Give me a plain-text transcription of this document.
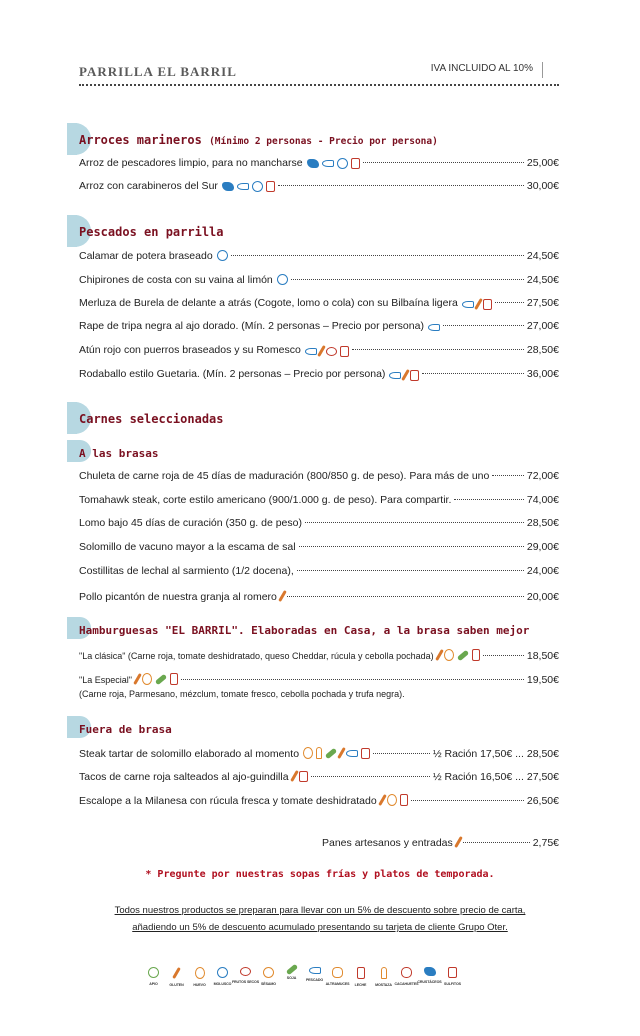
PARRILLA EL BARRIL	IVA INCLUIDO AL 10%
Arroces marineros (Mínimo 2 personas - Precio por persona)
Arroz de pescadores limpio, para no mancharse	25,00€
Arroz con carabineros del Sur	30,00€
Pescados en parrilla
Calamar de potera braseado	24,50€
Chipirones de costa con su vaina al limón	24,50€
Merluza de Burela de delante a atrás (Cogote, lomo o cola) con su Bilbaína ligera	27,50€
Rape de tripa negra al ajo dorado. (Mín. 2 personas – Precio por persona)	27,00€
Atún rojo con puerros braseados y su Romesco	28,50€
Rodaballo estilo Guetaria. (Mín. 2 personas – Precio por persona)	36,00€
Carnes seleccionadas
A las brasas
Chuleta de carne roja de 45 días de maduración (800/850 g. de peso). Para más de uno	72,00€
Tomahawk steak, corte estilo americano (900/1.000 g. de peso). Para compartir.	74,00€
Lomo bajo 45 días de curación (350 g. de peso)	28,50€
Solomillo de vacuno mayor a la escama de sal	29,00€
Costillitas de lechal al sarmiento (1/2 docena),	24,00€
Pollo picantón de nuestra granja al romero	20,00€
Hamburguesas "EL BARRIL". Elaboradas en Casa, a la brasa saben mejor
"La clásica" (Carne roja, tomate deshidratado, queso Cheddar, rúcula y cebolla pochada)	18,50€
"La Especial"	19,50€
(Carne roja, Parmesano, mézclum, tomate fresco, cebolla pochada y trufa negra).
Fuera de brasa
Steak tartar de solomillo elaborado al momento	½ Ración 17,50€ ... 28,50€
Tacos de carne roja salteados al ajo-guindilla	½ Ración 16,50€ ... 27,50€
Escalope a la Milanesa con rúcula fresca y tomate deshidratado	26,50€
Panes artesanos y entradas	2,75€
* Pregunte por nuestras sopas frías y platos de temporada.
Todos nuestros productos se preparan para llevar con un 5% de descuento sobre precio de carta,
añadiendo un 5% de descuento acumulado presentando su tarjeta de cliente Grupo Oter.
APIO	GLUTEN	HUEVO MOLUSCO FRUTOS SECOS SÉSAMO
SOJA	PESCADO
ALTRAMUCES LECHE MOSTAZA CACAHUETES
CRUSTÁCEOS SULFITOS
